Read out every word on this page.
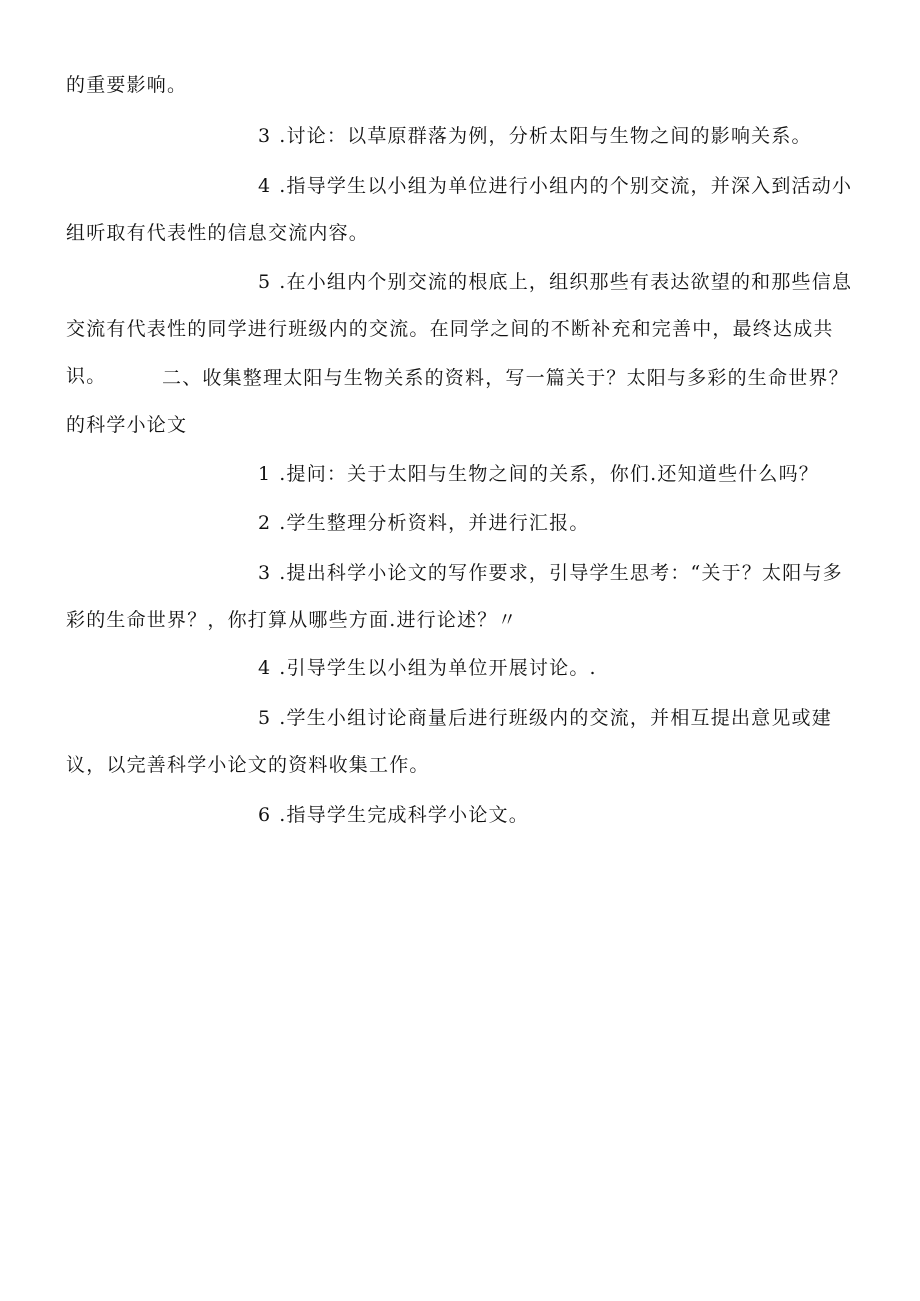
的重要影响。

3 .讨论：以草原群落为例，分析太阳与生物之间的影响关系。

4 .指导学生以小组为单位进行小组内的个别交流，并深入到活动小组听取有代表性的信息交流内容。

5 .在小组内个别交流的根底上，组织那些有表达欲望的和那些信息交流有代表性的同学进行班级内的交流。在同学之间的不断补充和完善中，最终达成共识。	二、收集整理太阳与生物关系的资料，写一篇关于？太阳与多彩的生命世界？的科学小论文

1 .提问：关于太阳与生物之间的关系，你们.还知道些什么吗？

2 .学生整理分析资料，并进行汇报。

3 .提出科学小论文的写作要求，引导学生思考：“关于？太阳与多彩的生命世界？，你打算从哪些方面.进行论述？〃

4 .引导学生以小组为单位开展讨论。.

5 .学生小组讨论商量后进行班级内的交流，并相互提出意见或建议，以完善科学小论文的资料收集工作。

6 .指导学生完成科学小论文。
